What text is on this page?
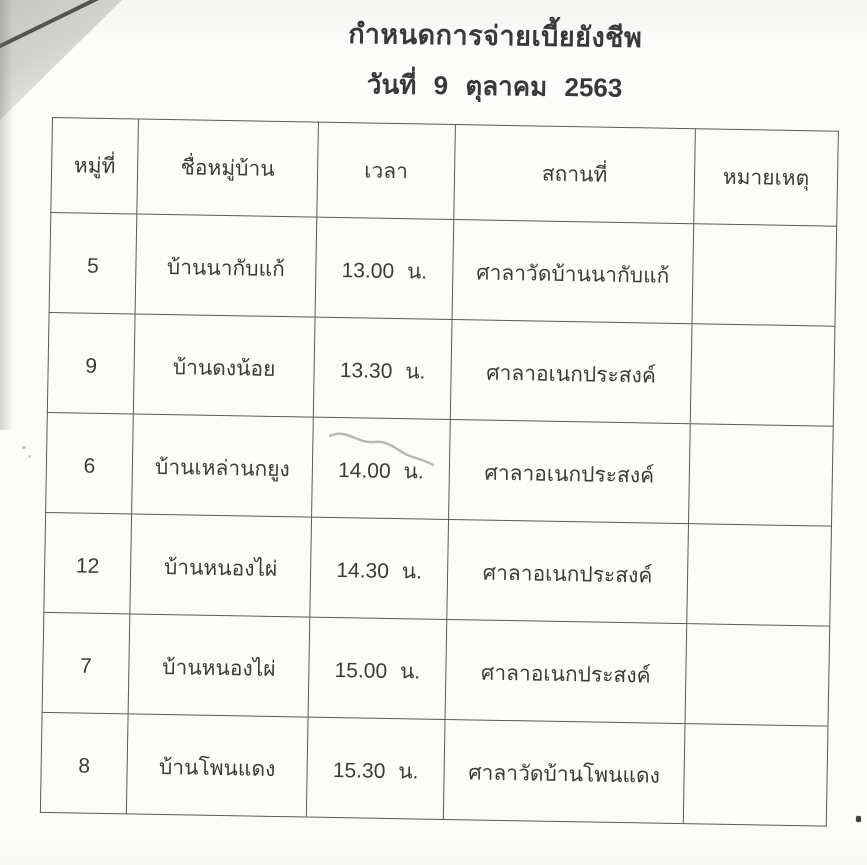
กำหนดการจ่ายเบี้ยยังชีพ
วันที่ 9 ตุลาคม 2563
หมู่ที่	ชื่อหมู่บ้าน	เวลา	สถานที่	หมายเหตุ
5	บ้านนากับแก้	13.00 น.	ศาลาวัดบ้านนากับแก้	
9	บ้านดงน้อย	13.30 น.	ศาลาอเนกประสงค์	
6	บ้านเหล่านกยูง	14.00 น.	ศาลาอเนกประสงค์	
12	บ้านหนองไผ่	14.30 น.	ศาลาอเนกประสงค์	
7	บ้านหนองไผ่	15.00 น.	ศาลาอเนกประสงค์	
8	บ้านโพนแดง	15.30 น.	ศาลาวัดบ้านโพนแดง	
